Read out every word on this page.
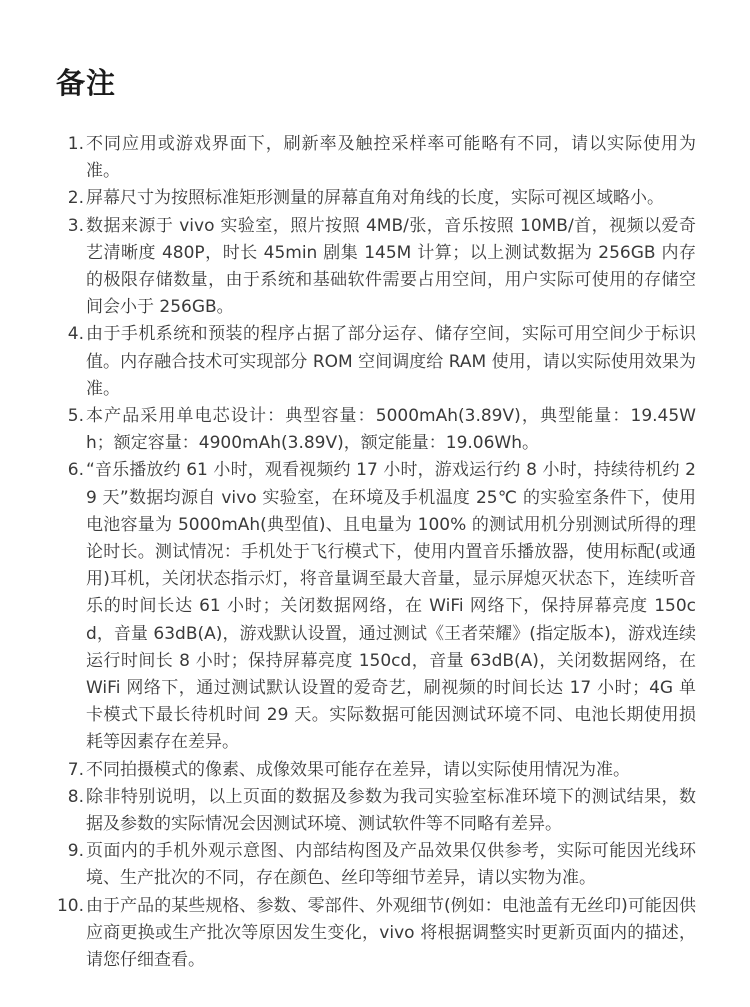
备注
1. 不同应用或游戏界面下，刷新率及触控采样率可能略有不同，请以实际使用为准。
2. 屏幕尺寸为按照标准矩形测量的屏幕直角对角线的长度，实际可视区域略小。
3. 数据来源于 vivo 实验室，照片按照 4MB/张，音乐按照 10MB/首，视频以爱奇艺清晰度 480P，时长 45min 剧集 145M 计算；以上测试数据为 256GB 内存的极限存储数量，由于系统和基础软件需要占用空间，用户实际可使用的存储空间会小于 256GB。
4. 由于手机系统和预装的程序占据了部分运存、储存空间，实际可用空间少于标识值。内存融合技术可实现部分 ROM 空间调度给 RAM 使用，请以实际使用效果为准。
5. 本产品采用单电芯设计：典型容量：5000mAh(3.89V)，典型能量：19.45Wh；额定容量：4900mAh(3.89V)，额定能量：19.06Wh。
6. “音乐播放约 61 小时，观看视频约 17 小时，游戏运行约 8 小时，持续待机约 29 天”数据均源自 vivo 实验室，在环境及手机温度 25℃ 的实验室条件下，使用电池容量为 5000mAh(典型值)、且电量为 100% 的测试用机分别测试所得的理论时长。测试情况：手机处于飞行模式下，使用内置音乐播放器，使用标配(或通用)耳机，关闭状态指示灯，将音量调至最大音量，显示屏熄灭状态下，连续听音乐的时间长达 61 小时；关闭数据网络，在 WiFi 网络下，保持屏幕亮度 150cd，音量 63dB(A)，游戏默认设置，通过测试《王者荣耀》(指定版本)，游戏连续运行时间长 8 小时；保持屏幕亮度 150cd，音量 63dB(A)，关闭数据网络，在 WiFi 网络下，通过测试默认设置的爱奇艺，刷视频的时间长达 17 小时；4G 单卡模式下最长待机时间 29 天。实际数据可能因测试环境不同、电池长期使用损耗等因素存在差异。
7. 不同拍摄模式的像素、成像效果可能存在差异，请以实际使用情况为准。
8. 除非特别说明，以上页面的数据及参数为我司实验室标准环境下的测试结果，数据及参数的实际情况会因测试环境、测试软件等不同略有差异。
9. 页面内的手机外观示意图、内部结构图及产品效果仅供参考，实际可能因光线环境、生产批次的不同，存在颜色、丝印等细节差异，请以实物为准。
10. 由于产品的某些规格、参数、零部件、外观细节(例如：电池盖有无丝印)可能因供应商更换或生产批次等原因发生变化，vivo 将根据调整实时更新页面内的描述，请您仔细查看。
